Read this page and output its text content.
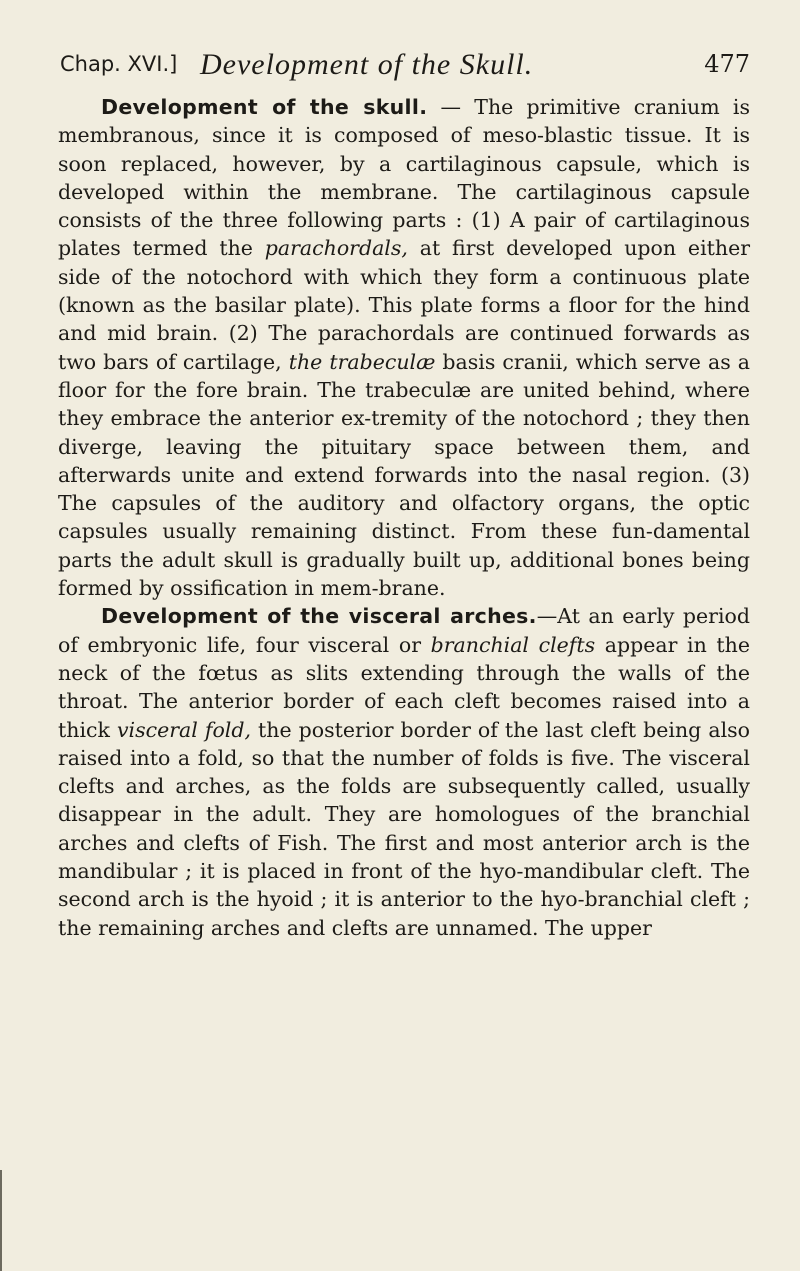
Chap. XVI.] Development of the Skull.	477

Development of the skull. — The primitive cranium is membranous, since it is composed of meso-blastic tissue. It is soon replaced, however, by a cartilaginous capsule, which is developed within the membrane. The cartilaginous capsule consists of the three following parts : (1) A pair of cartilaginous plates termed the parachordals, at first developed upon either side of the notochord with which they form a continuous plate (known as the basilar plate). This plate forms a floor for the hind and mid brain. (2) The parachordals are continued forwards as two bars of cartilage, the trabeculæ basis cranii, which serve as a floor for the fore brain. The trabeculæ are united behind, where they embrace the anterior ex-tremity of the notochord ; they then diverge, leaving the pituitary space between them, and afterwards unite and extend forwards into the nasal region. (3) The capsules of the auditory and olfactory organs, the optic capsules usually remaining distinct. From these fun-damental parts the adult skull is gradually built up, additional bones being formed by ossification in mem-brane.

Development of the visceral arches.—At an early period of embryonic life, four visceral or branchial clefts appear in the neck of the fœtus as slits extending through the walls of the throat. The anterior border of each cleft becomes raised into a thick visceral fold, the posterior border of the last cleft being also raised into a fold, so that the number of folds is five. The visceral clefts and arches, as the folds are subsequently called, usually disappear in the adult. They are homologues of the branchial arches and clefts of Fish. The first and most anterior arch is the mandibular ; it is placed in front of the hyo-mandibular cleft. The second arch is the hyoid ; it is anterior to the hyo-branchial cleft ; the remaining arches and clefts are unnamed. The upper
